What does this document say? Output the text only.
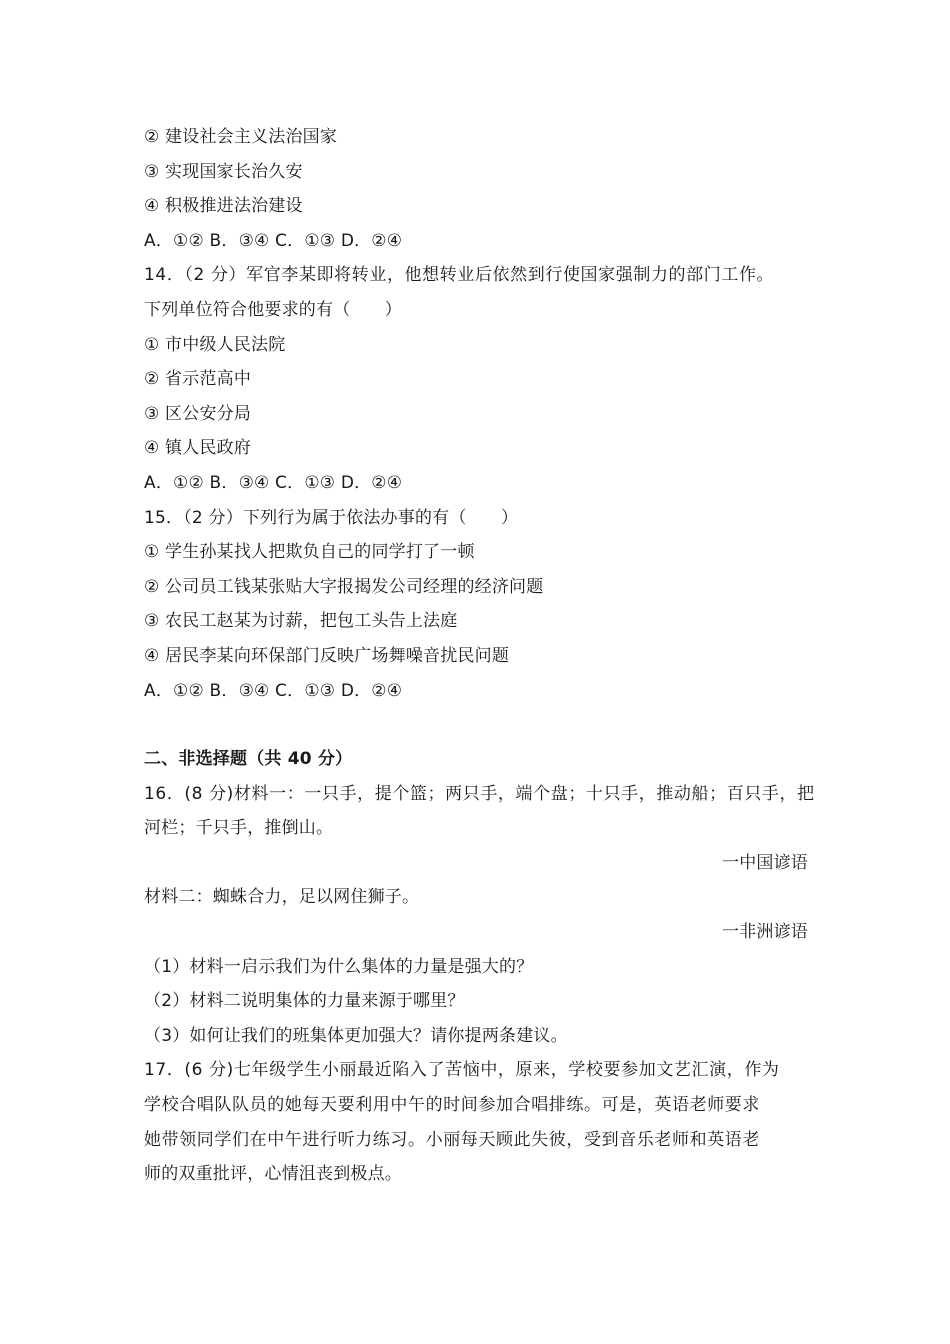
② 建设社会主义法治国家
③ 实现国家长治久安
④ 积极推进法治建设
A．①② B．③④ C．①③ D．②④
14．（2 分）军官李某即将转业，他想转业后依然到行使国家强制力的部门工作。
下列单位符合他要求的有（　　）
① 市中级人民法院
② 省示范高中
③ 区公安分局
④ 镇人民政府
A．①② B．③④ C．①③ D．②④
15．（2 分）下列行为属于依法办事的有（　　）
① 学生孙某找人把欺负自己的同学打了一顿
② 公司员工钱某张贴大字报揭发公司经理的经济问题
③ 农民工赵某为讨薪，把包工头告上法庭
④ 居民李某向环保部门反映广场舞噪音扰民问题
A．①② B．③④ C．①③ D．②④
二、非选择题（共 40 分）
16．(8 分)材料一：一只手，提个篮；两只手，端个盘；十只手，推动船；百只手，把
河栏；千只手，推倒山。
一中国谚语
材料二：蜘蛛合力，足以网住狮子。
一非洲谚语
（1）材料一启示我们为什么集体的力量是强大的？
（2）材料二说明集体的力量来源于哪里？
（3）如何让我们的班集体更加强大？请你提两条建议。
17．(6 分)七年级学生小丽最近陷入了苦恼中，原来，学校要参加文艺汇演，作为
学校合唱队队员的她每天要利用中午的时间参加合唱排练。可是，英语老师要求
她带领同学们在中午进行听力练习。小丽每天顾此失彼，受到音乐老师和英语老
师的双重批评，心情沮丧到极点。
